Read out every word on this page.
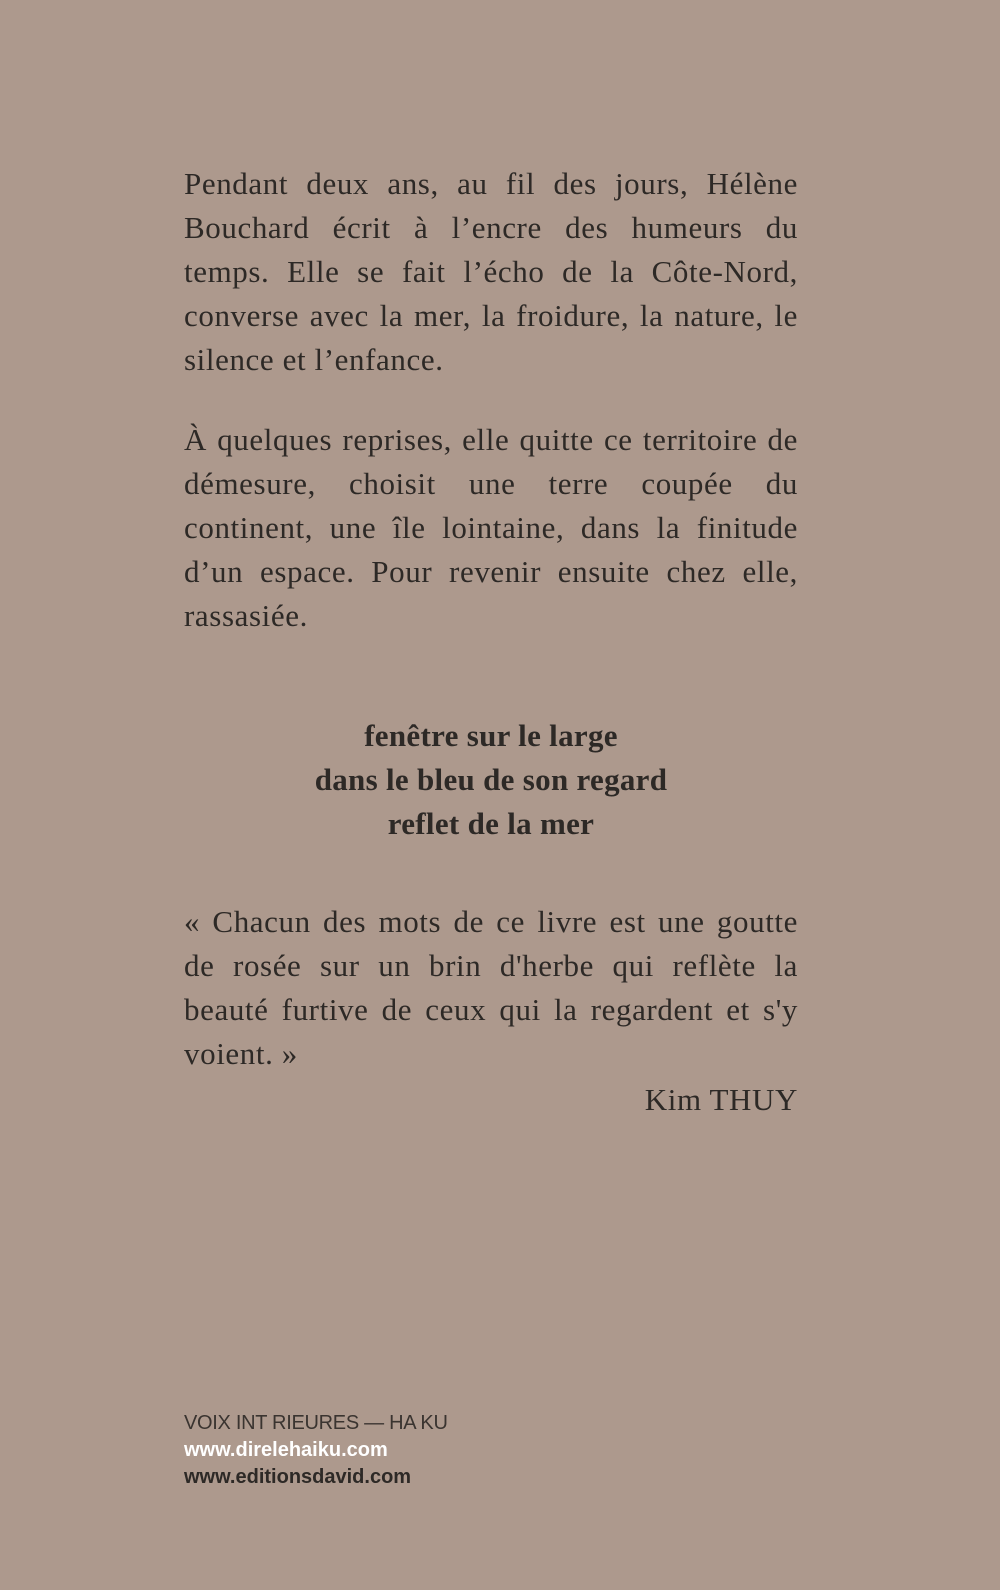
Pendant deux ans, au fil des jours, Hélène Bouchard écrit à l’encre des humeurs du temps. Elle se fait l’écho de la Côte-Nord, converse avec la mer, la froidure, la nature, le silence et l’enfance.

À quelques reprises, elle quitte ce territoire de démesure, choisit une terre coupée du continent, une île lointaine, dans la finitude d’un espace. Pour revenir ensuite chez elle, rassasiée.

fenêtre sur le large
dans le bleu de son regard
reflet de la mer

« Chacun des mots de ce livre est une goutte de rosée sur un brin d'herbe qui reflète la beauté furtive de ceux qui la regardent et s'y voient. »

Kim THUY
VOIX INT RIEURES — HA KU
www.direlehaiku.com
www.editionsdavid.com
